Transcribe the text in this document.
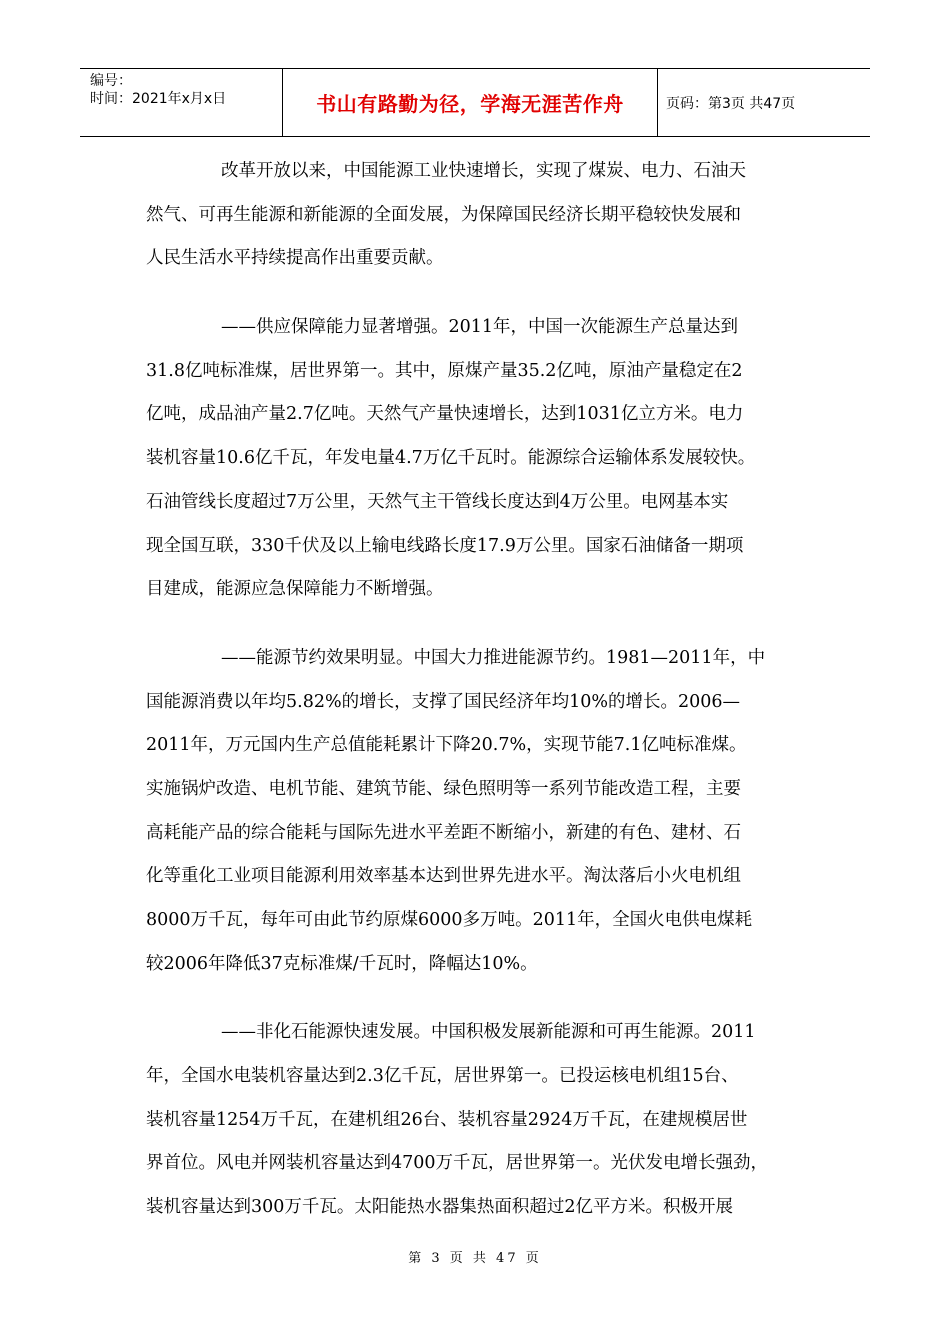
编号：
时间：2021年x月x日	书山有路勤为径，学海无涯苦作舟	页码：第3页 共47页
改革开放以来，中国能源工业快速增长，实现了煤炭、电力、石油天
然气、可再生能源和新能源的全面发展，为保障国民经济长期平稳较快发展和
人民生活水平持续提高作出重要贡献。
——供应保障能力显著增强。2011年，中国一次能源生产总量达到
31.8亿吨标准煤，居世界第一。其中，原煤产量35.2亿吨，原油产量稳定在2
亿吨，成品油产量2.7亿吨。天然气产量快速增长，达到1031亿立方米。电力
装机容量10.6亿千瓦，年发电量4.7万亿千瓦时。能源综合运输体系发展较快。
石油管线长度超过7万公里，天然气主干管线长度达到4万公里。电网基本实
现全国互联，330千伏及以上输电线路长度17.9万公里。国家石油储备一期项
目建成，能源应急保障能力不断增强。
——能源节约效果明显。中国大力推进能源节约。1981—2011年，中
国能源消费以年均5.82%的增长，支撑了国民经济年均10%的增长。2006—
2011年，万元国内生产总值能耗累计下降20.7%，实现节能7.1亿吨标准煤。
实施锅炉改造、电机节能、建筑节能、绿色照明等一系列节能改造工程，主要
高耗能产品的综合能耗与国际先进水平差距不断缩小，新建的有色、建材、石
化等重化工业项目能源利用效率基本达到世界先进水平。淘汰落后小火电机组
8000万千瓦，每年可由此节约原煤6000多万吨。2011年，全国火电供电煤耗
较2006年降低37克标准煤/千瓦时，降幅达10%。
——非化石能源快速发展。中国积极发展新能源和可再生能源。2011
年，全国水电装机容量达到2.3亿千瓦，居世界第一。已投运核电机组15台、
装机容量1254万千瓦，在建机组26台、装机容量2924万千瓦，在建规模居世
界首位。风电并网装机容量达到4700万千瓦，居世界第一。光伏发电增长强劲，
装机容量达到300万千瓦。太阳能热水器集热面积超过2亿平方米。积极开展
第 3 页 共 47 页
